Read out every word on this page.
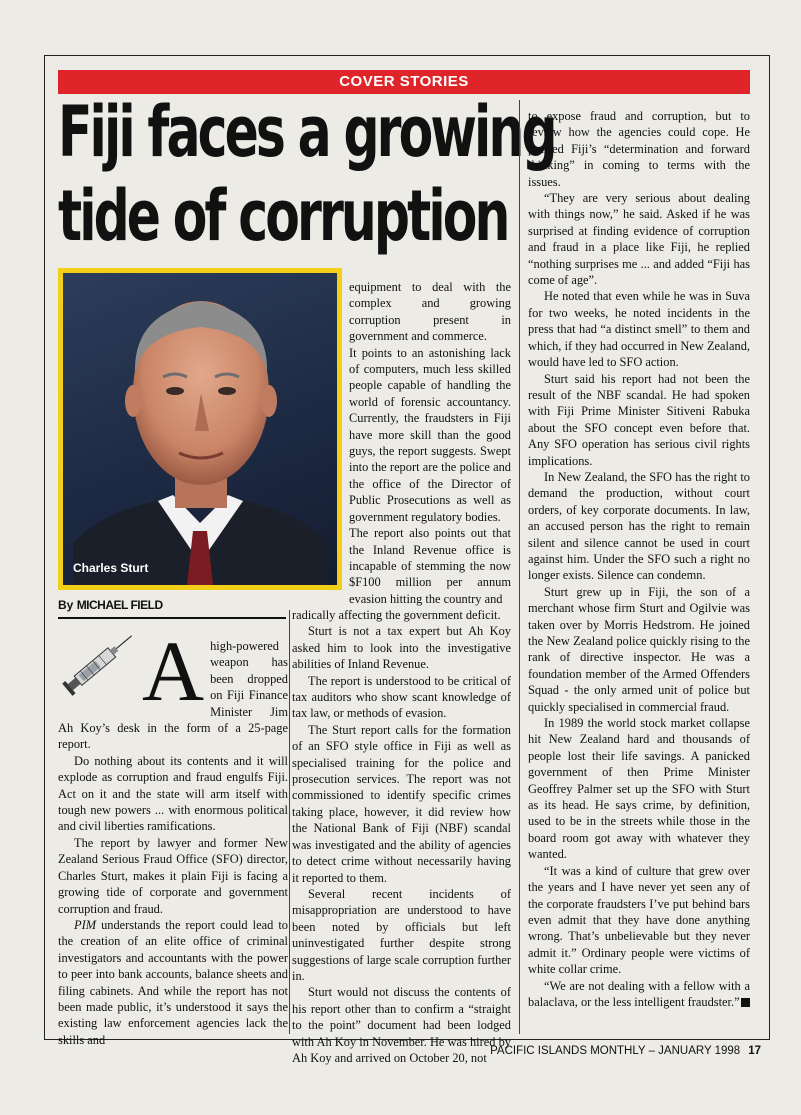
COVER STORIES
Fiji faces a growing
tide of corruption
Charles Sturt
By MICHAEL FIELD
A high-powered weapon has been dropped on Fiji Finance Minister Jim Ah Koy’s desk in the form of a 25-page report.

Do nothing about its contents and it will explode as corruption and fraud engulfs Fiji. Act on it and the state will arm itself with tough new powers ... with enormous political and civil liberties ramifications.

The report by lawyer and former New Zealand Serious Fraud Office (SFO) director, Charles Sturt, makes it plain Fiji is facing a growing tide of corporate and government corruption and fraud.

PIM understands the report could lead to the creation of an elite office of criminal investigators and accountants with the power to peer into bank accounts, balance sheets and filing cabinets. And while the report has not been made public, it’s understood it says the existing law enforcement agencies lack the skills and

equipment to deal with the complex and growing corruption present in government and commerce.

It points to an astonishing lack of computers, much less skilled people capable of handling the world of forensic accountancy. Currently, the fraudsters in Fiji have more skill than the good guys, the report suggests. Swept into the report are the police and the office of the Director of Public Prosecutions as well as government regulatory bodies.

The report also points out that the Inland Revenue office is incapable of stemming the now $F100 million per annum evasion hitting the country and

radically affecting the government deficit.

Sturt is not a tax expert but Ah Koy asked him to look into the investigative abilities of Inland Revenue.

The report is understood to be critical of tax auditors who show scant knowledge of tax law, or methods of evasion.

The Sturt report calls for the formation of an SFO style office in Fiji as well as specialised training for the police and prosecution services. The report was not commissioned to identify specific crimes taking place, however, it did review how the National Bank of Fiji (NBF) scandal was investigated and the ability of agencies to detect crime without necessarily having it reported to them.

Several recent incidents of misappropriation are understood to have been noted by officials but left uninvestigated further despite strong suggestions of large scale corruption further in.

Sturt would not discuss the contents of his report other than to confirm a “straight to the point” document had been lodged with Ah Koy in November. He was hired by Ah Koy and arrived on October 20, not

to expose fraud and corruption, but to review how the agencies could cope. He praised Fiji’s “determination and forward thinking” in coming to terms with the issues.

“They are very serious about dealing with things now,” he said. Asked if he was surprised at finding evidence of corruption and fraud in a place like Fiji, he replied “nothing surprises me ... and added “Fiji has come of age”.

He noted that even while he was in Suva for two weeks, he noted incidents in the press that had “a distinct smell” to them and which, if they had occurred in New Zealand, would have led to SFO action.

Sturt said his report had not been the result of the NBF scandal. He had spoken with Fiji Prime Minister Sitiveni Rabuka about the SFO concept even before that. Any SFO operation has serious civil rights implications.

In New Zealand, the SFO has the right to demand the production, without court orders, of key corporate documents. In law, an accused person has the right to remain silent and silence cannot be used in court against him. Under the SFO such a right no longer exists. Silence can condemn.

Sturt grew up in Fiji, the son of a merchant whose firm Sturt and Ogilvie was taken over by Morris Hedstrom. He joined the New Zealand police quickly rising to the rank of directive inspector. He was a foundation member of the Armed Offenders Squad - the only armed unit of police but quickly specialised in commercial fraud.

In 1989 the world stock market collapse hit New Zealand hard and thousands of people lost their life savings. A panicked government of then Prime Minister Geoffrey Palmer set up the SFO with Sturt as its head. He says crime, by definition, used to be in the streets while those in the board room got away with whatever they wanted.

“It was a kind of culture that grew over the years and I have never yet seen any of the corporate fraudsters I’ve put behind bars even admit that they have done anything wrong. That’s unbelievable but they never admit it.” Ordinary people were victims of white collar crime.

“We are not dealing with a fellow with a balaclava, or the less intelligent fraudster.”

PACIFIC ISLANDS MONTHLY – JANUARY 1998 17
